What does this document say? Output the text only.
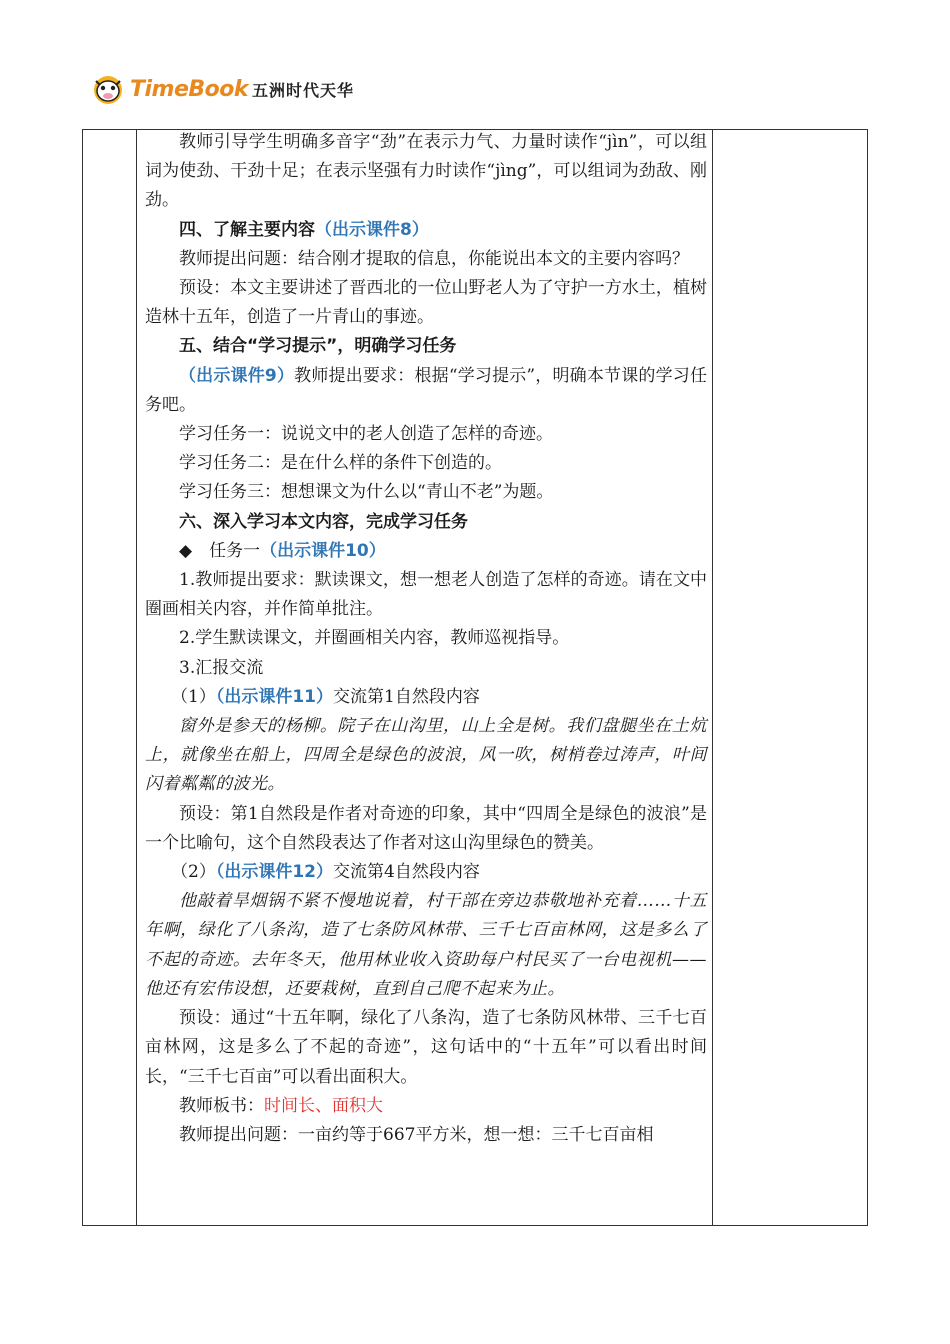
TimeBook 五洲时代天华

教师引导学生明确多音字“劲”在表示力气、力量时读作“jìn”，可以组词为使劲、干劲十足；在表示坚强有力时读作“jìng”，可以组词为劲敌、刚劲。

四、了解主要内容（出示课件8）

教师提出问题：结合刚才提取的信息，你能说出本文的主要内容吗？

预设：本文主要讲述了晋西北的一位山野老人为了守护一方水土，植树造林十五年，创造了一片青山的事迹。

五、结合“学习提示”，明确学习任务

（出示课件9）教师提出要求：根据“学习提示”，明确本节课的学习任务吧。

学习任务一：说说文中的老人创造了怎样的奇迹。

学习任务二：是在什么样的条件下创造的。

学习任务三：想想课文为什么以“青山不老”为题。

六、深入学习本文内容，完成学习任务

◆　任务一（出示课件10）

1.教师提出要求：默读课文，想一想老人创造了怎样的奇迹。请在文中圈画相关内容，并作简单批注。

2.学生默读课文，并圈画相关内容，教师巡视指导。

3.汇报交流

（1）（出示课件11）交流第1自然段内容

窗外是参天的杨柳。院子在山沟里，山上全是树。我们盘腿坐在土炕上，就像坐在船上，四周全是绿色的波浪，风一吹，树梢卷过涛声，叶间闪着粼粼的波光。

预设：第1自然段是作者对奇迹的印象，其中“四周全是绿色的波浪”是一个比喻句，这个自然段表达了作者对这山沟里绿色的赞美。

（2）（出示课件12）交流第4自然段内容

他敲着旱烟锅不紧不慢地说着，村干部在旁边恭敬地补充着……十五年啊，绿化了八条沟，造了七条防风林带、三千七百亩林网，这是多么了不起的奇迹。去年冬天，他用林业收入资助每户村民买了一台电视机——他还有宏伟设想，还要栽树，直到自己爬不起来为止。

预设：通过“十五年啊，绿化了八条沟，造了七条防风林带、三千七百亩林网，这是多么了不起的奇迹”，这句话中的“十五年”可以看出时间长，“三千七百亩”可以看出面积大。

教师板书：时间长、面积大

教师提出问题：一亩约等于667平方米，想一想：三千七百亩相
